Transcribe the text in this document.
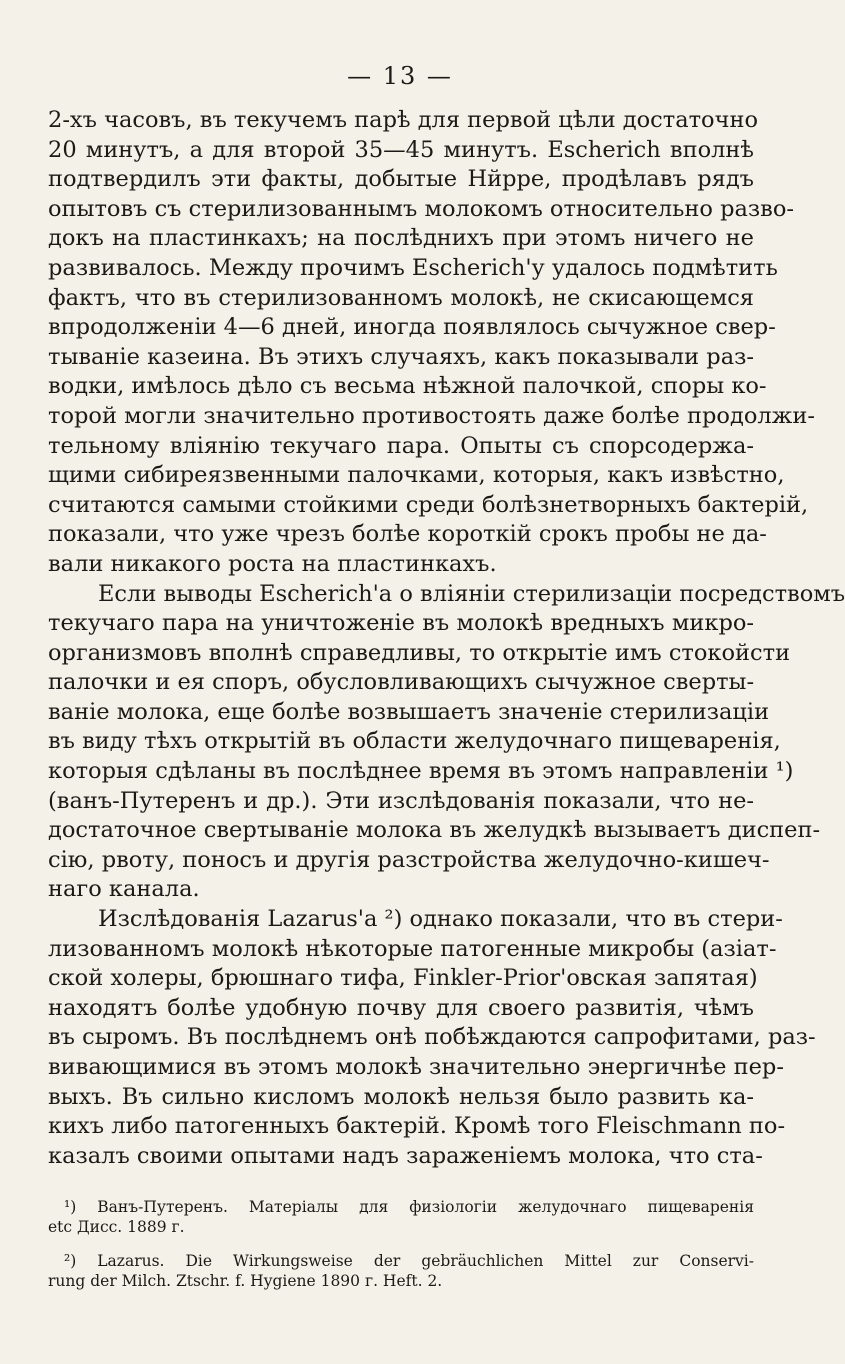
— 13 —
2-хъ часовъ, въ текучемъ парѣ для первой цѣли достаточно
20 минутъ, а для второй 35—45 минутъ. Eschеrich вполнѣ
подтвердилъ эти факты, добытые Нйрре, продѣлавъ рядъ
опытовъ съ стерилизованнымъ молокомъ относительно разво-
докъ на пластинкахъ; на послѣднихъ при этомъ ничего не
развивалось. Между прочимъ Escherich'у удалось подмѣтить
фактъ, что въ стерилизованномъ молокѣ, не скисающемся
впродолженіи 4—6 дней, иногда появлялось сычужное свер-
тываніе казеина. Въ этихъ случаяхъ, какъ показывали раз-
водки, имѣлось дѣло съ весьма нѣжной палочкой, споры ко-
торой могли значительно противостоять даже болѣе продолжи-
тельному вліянію текучаго пара. Опыты съ спорсодержа-
щими сибиреязвенными палочками, которыя, какъ извѣстно,
считаются самыми стойкими среди болѣзнетворныхъ бактерій,
показали, что уже чрезъ болѣе короткій срокъ пробы не да-
вали никакого роста на пластинкахъ.
Если выводы Escherich'а о вліяніи стерилизаціи посредствомъ
текучаго пара на уничтоженіе въ молокѣ вредныхъ микро-
организмовъ вполнѣ справедливы, то открытіе имъ стокойсти
палочки и ея споръ, обусловливающихъ сычужное сверты-
ваніе молока, еще болѣе возвышаетъ значеніе стерилизаціи
въ виду тѣхъ открытій въ области желудочнаго пищеваренія,
которыя сдѣланы въ послѣднее время въ этомъ направленіи ¹)
(ванъ-Путеренъ и др.). Эти изслѣдованія показали, что не-
достаточное свертываніе молока въ желудкѣ вызываетъ диспеп-
сію, рвоту, поносъ и другія разстройства желудочно-кишеч-
наго канала.
Изслѣдованія Lazarus'а ²) однако показали, что въ стери-
лизованномъ молокѣ нѣкоторые патогенные микробы (азіат-
ской холеры, брюшнаго тифа, Finkler-Prior'овская запятая)
находятъ болѣе удобную почву для своего развитія, чѣмъ
въ сыромъ. Въ послѣднемъ онѣ побѣждаются сапрофитами, раз-
вивающимися въ этомъ молокѣ значительно энергичнѣе пер-
выхъ. Въ сильно кисломъ молокѣ нельзя было развить ка-
кихъ либо патогенныхъ бактерій. Кромѣ того Fleischmann по-
казалъ своими опытами надъ зараженіемъ молока, что ста-
¹) Ванъ-Путеренъ. Матеріалы для физіологіи желудочнаго пищеваренія
etc Дисс. 1889 г.
²) Lazarus. Die Wirkungsweise der gebräuchlichen Mittel zur Conservi-
rung der Milch. Ztschr. f. Hygiene 1890 г. Heft. 2.
